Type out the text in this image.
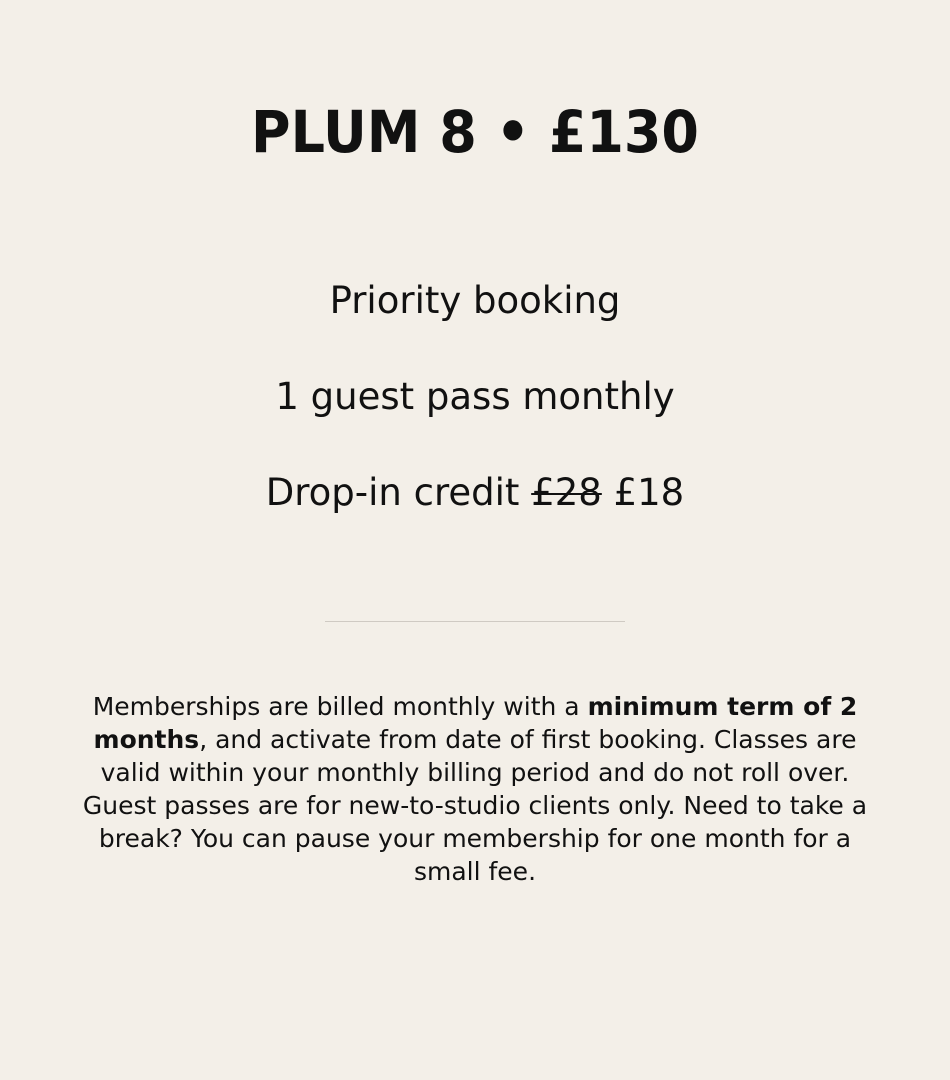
PLUM 8 • £130
Priority booking
1 guest pass monthly
Drop-in credit £28 £18

Memberships are billed monthly with a minimum term of 2 months, and activate from date of first booking. Classes are valid within your monthly billing period and do not roll over. Guest passes are for new-to-studio clients only. Need to take a break? You can pause your membership for one month for a small fee.
